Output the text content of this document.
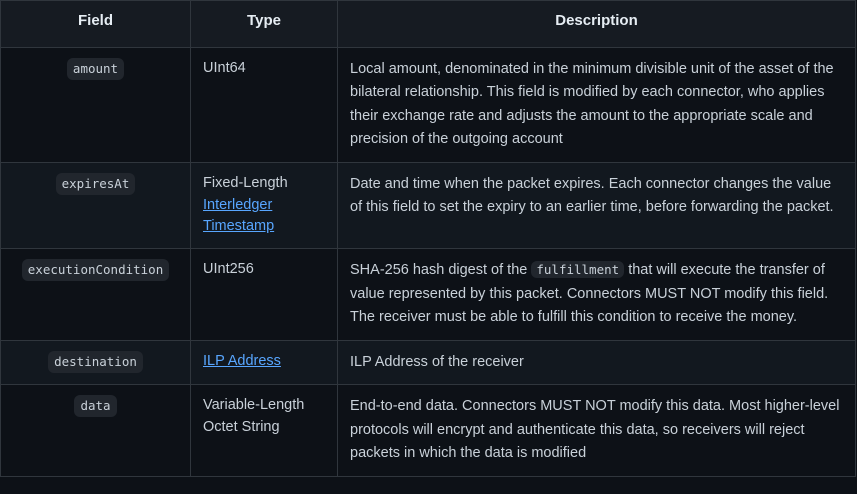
Field	Type	Description
amount	UInt64	Local amount, denominated in the minimum divisible unit of the asset of the bilateral relationship. This field is modified by each connector, who applies their exchange rate and adjusts the amount to the appropriate scale and precision of the outgoing account
expiresAt	Fixed-Length Interledger Timestamp	Date and time when the packet expires. Each connector changes the value of this field to set the expiry to an earlier time, before forwarding the packet.
executionCondition	UInt256	SHA-256 hash digest of the fulfillment that will execute the transfer of value represented by this packet. Connectors MUST NOT modify this field. The receiver must be able to fulfill this condition to receive the money.
destination	ILP Address	ILP Address of the receiver
data	Variable-Length Octet String	End-to-end data. Connectors MUST NOT modify this data. Most higher-level protocols will encrypt and authenticate this data, so receivers will reject packets in which the data is modified
